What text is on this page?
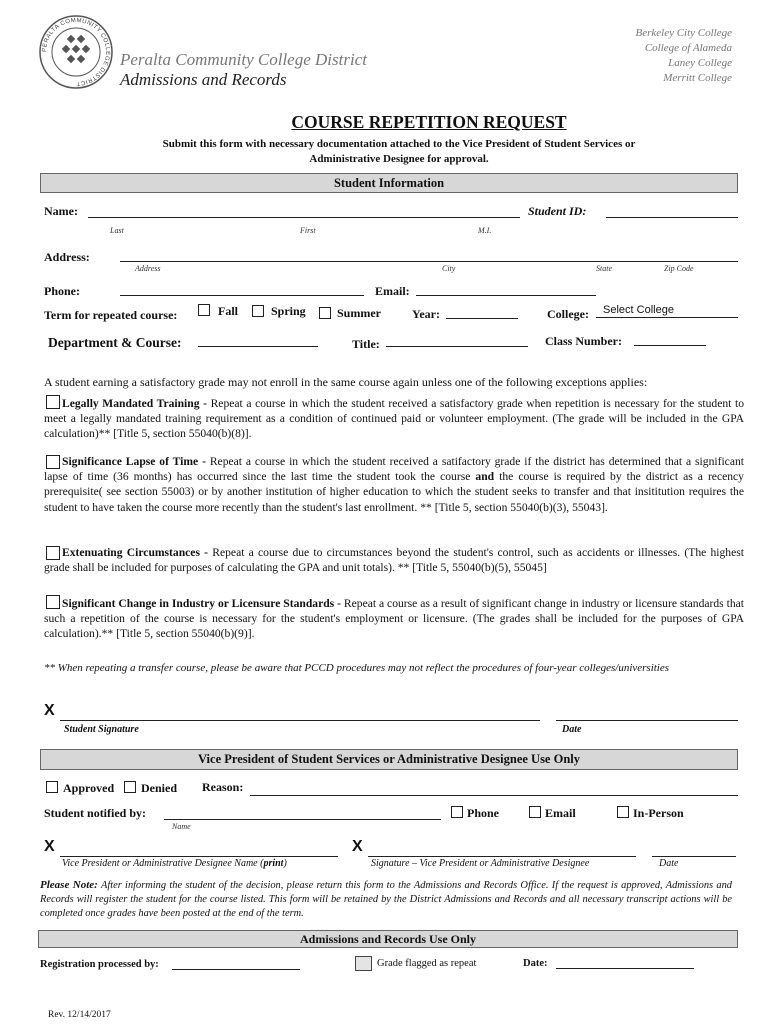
PERALTA COMMUNITY COLLEGE DISTRICT
Peralta Community College District
Admissions and Records
Berkeley City College
College of Alameda
Laney College
Merritt College
COURSE REPETITION REQUEST
Submit this form with necessary documentation attached to the Vice President of Student Services or
Administrative Designee for approval.
Student Information
Name:	Student ID:
Last	First	M.I.
Address:
Address	City	State	Zip Code
Phone:	Email:
Term for repeated course:	Fall	Spring	Summer	Year:	College:	Select College
Department & Course:	Title:	Class Number:
A student earning a satisfactory grade may not enroll in the same course again unless one of the following exceptions applies:
Legally Mandated Training - Repeat a course in which the student received a satisfactory grade when repetition is necessary for the student to meet a legally mandated training requirement as a condition of continued paid or volunteer employment. (The grade will be included in the GPA calculation)** [Title 5, section 55040(b)(8)].
Significance Lapse of Time - Repeat a course in which the student received a satifactory grade if the district has determined that a significant lapse of time (36 months) has occurred since the last time the student took the course and the course is required by the district as a recency prerequisite( see section 55003) or by another institution of higher education to which the student seeks to transfer and that insititution requires the student to have taken the course more recently than the student's last enrollment. ** [Title 5, section 55040(b)(3), 55043].
Extenuating Circumstances - Repeat a course due to circumstances beyond the student's control, such as accidents or illnesses. (The highest grade shall be included for purposes of calculating the GPA and unit totals). ** [Title 5, 55040(b)(5), 55045]
Significant Change in Industry or Licensure Standards - Repeat a course as a result of significant change in industry or licensure standards that such a repetition of the course is necessary for the student's employment or licensure. (The grades shall be included for the purposes of GPA calculation).** [Title 5, section 55040(b)(9)].
** When repeating a transfer course, please be aware that PCCD procedures may not reflect the procedures of four-year colleges/universities
X
Student Signature	Date
Vice President of Student Services or Administrative Designee Use Only
Approved Denied Reason:
Student notified by:
Name
Phone	Email	In-Person
X	X
Vice President or Administrative Designee Name (print)	Signature – Vice President or Administrative Designee	Date
Please Note: After informing the student of the decision, please return this form to the Admissions and Records Office. If the request is approved, Admissions and Records will register the student for the course listed. This form will be retained by the District Admissions and Records and all necessary transcript actions will be completed once grades have been posted at the end of the term.
Admissions and Records Use Only
Registration processed by:	Grade flagged as repeat	Date:
Rev. 12/14/2017
